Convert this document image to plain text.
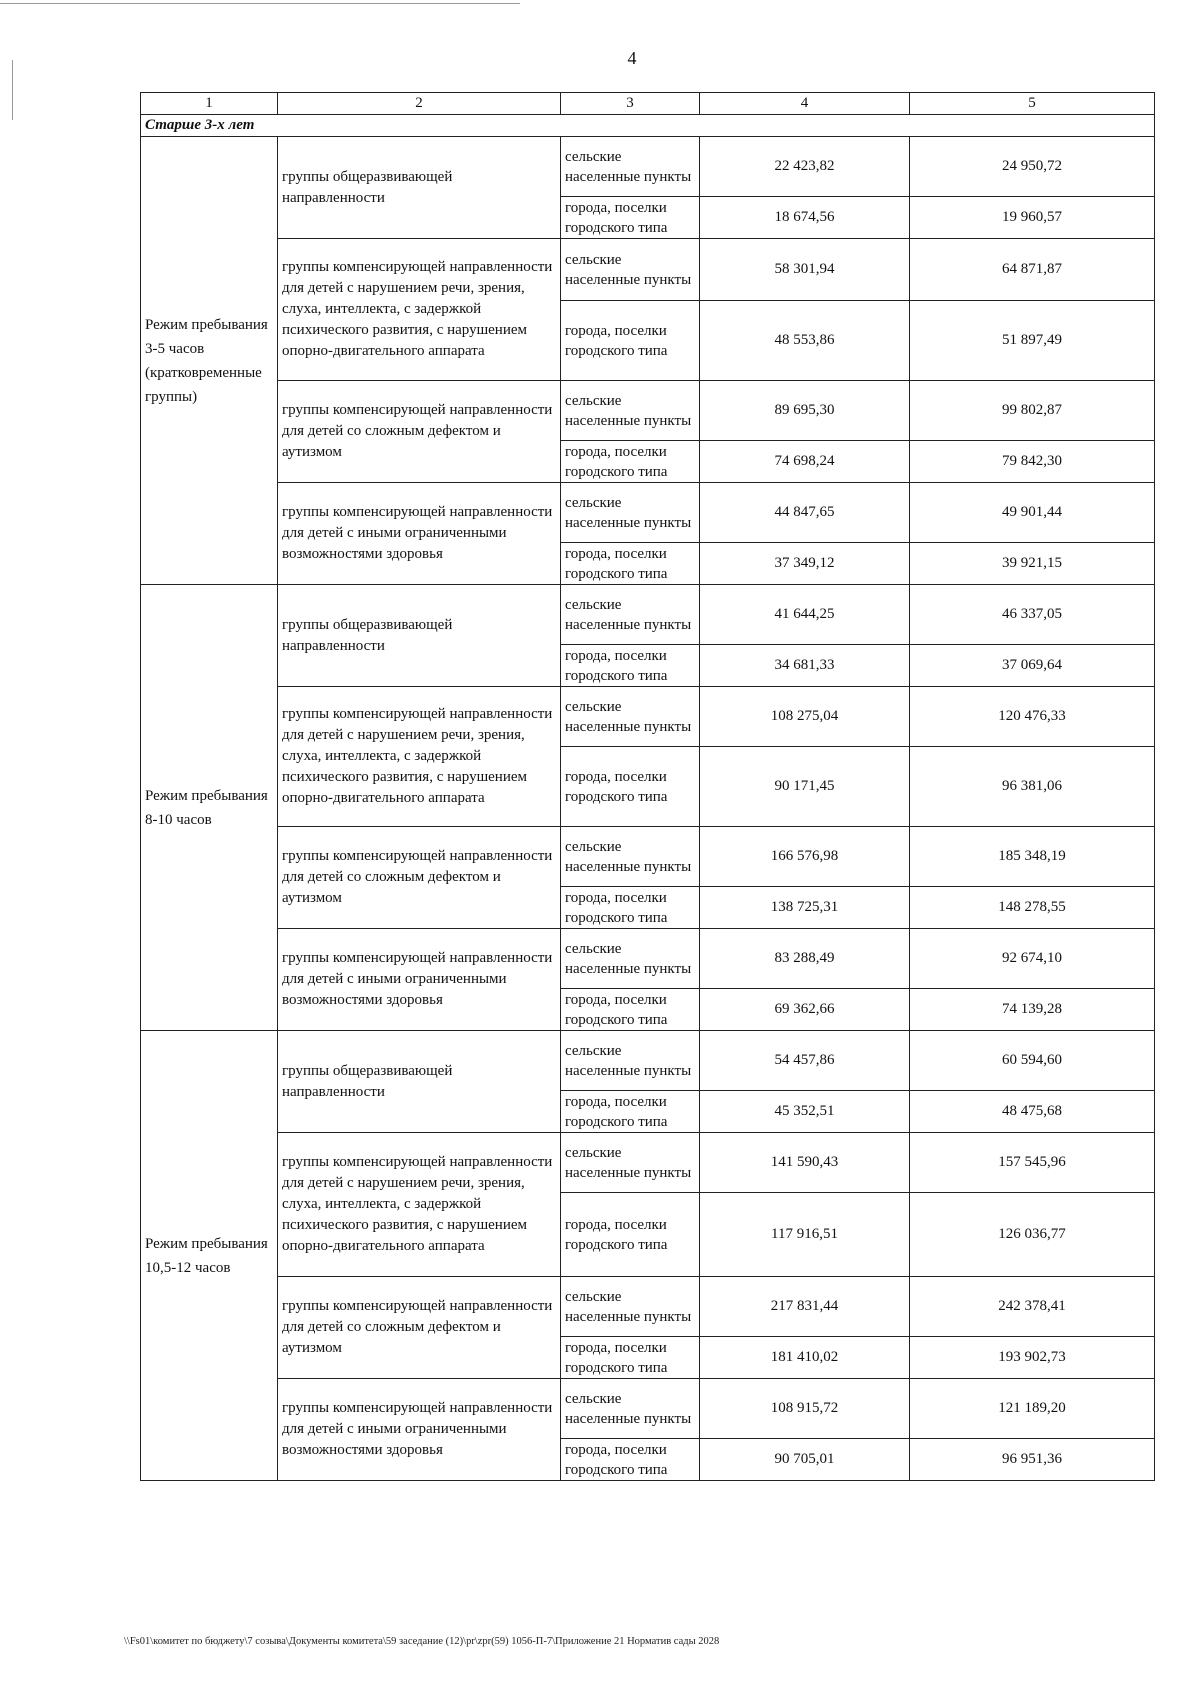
4
1	2	3	4	5
Старше 3-х лет				
Режим пребывания 3-5 часов (кратковременные группы)	группы общеразвивающей направленности	сельские населенные пункты	22 423,82	24 950,72
		города, поселки городского типа	18 674,56	19 960,57
	группы компенсирующей направленности для детей с нарушением речи, зрения, слуха, интеллекта, с задержкой психического развития, с нарушением опорно-двигательного аппарата	сельские населенные пункты	58 301,94	64 871,87
		города, поселки городского типа	48 553,86	51 897,49
	группы компенсирующей направленности для детей со сложным дефектом и аутизмом	сельские населенные пункты	89 695,30	99 802,87
		города, поселки городского типа	74 698,24	79 842,30
	группы компенсирующей направленности для детей с иными ограниченными возможностями здоровья	сельские населенные пункты	44 847,65	49 901,44
		города, поселки городского типа	37 349,12	39 921,15
Режим пребывания 8-10 часов	группы общеразвивающей направленности	сельские населенные пункты	41 644,25	46 337,05
		города, поселки городского типа	34 681,33	37 069,64
	группы компенсирующей направленности для детей с нарушением речи, зрения, слуха, интеллекта, с задержкой психического развития, с нарушением опорно-двигательного аппарата	сельские населенные пункты	108 275,04	120 476,33
		города, поселки городского типа	90 171,45	96 381,06
	группы компенсирующей направленности для детей со сложным дефектом и аутизмом	сельские населенные пункты	166 576,98	185 348,19
		города, поселки городского типа	138 725,31	148 278,55
	группы компенсирующей направленности для детей с иными ограниченными возможностями здоровья	сельские населенные пункты	83 288,49	92 674,10
		города, поселки городского типа	69 362,66	74 139,28
Режим пребывания 10,5-12 часов	группы общеразвивающей направленности	сельские населенные пункты	54 457,86	60 594,60
		города, поселки городского типа	45 352,51	48 475,68
	группы компенсирующей направленности для детей с нарушением речи, зрения, слуха, интеллекта, с задержкой психического развития, с нарушением опорно-двигательного аппарата	сельские населенные пункты	141 590,43	157 545,96
		города, поселки городского типа	117 916,51	126 036,77
	группы компенсирующей направленности для детей со сложным дефектом и аутизмом	сельские населенные пункты	217 831,44	242 378,41
		города, поселки городского типа	181 410,02	193 902,73
	группы компенсирующей направленности для детей с иными ограниченными возможностями здоровья	сельские населенные пункты	108 915,72	121 189,20
		города, поселки городского типа	90 705,01	96 951,36
\\Fs01\комитет по бюджету\7 созыва\Документы комитета\59 заседание (12)\pr\zpr(59) 1056-П-7\Приложение 21 Норматив сады 2028
